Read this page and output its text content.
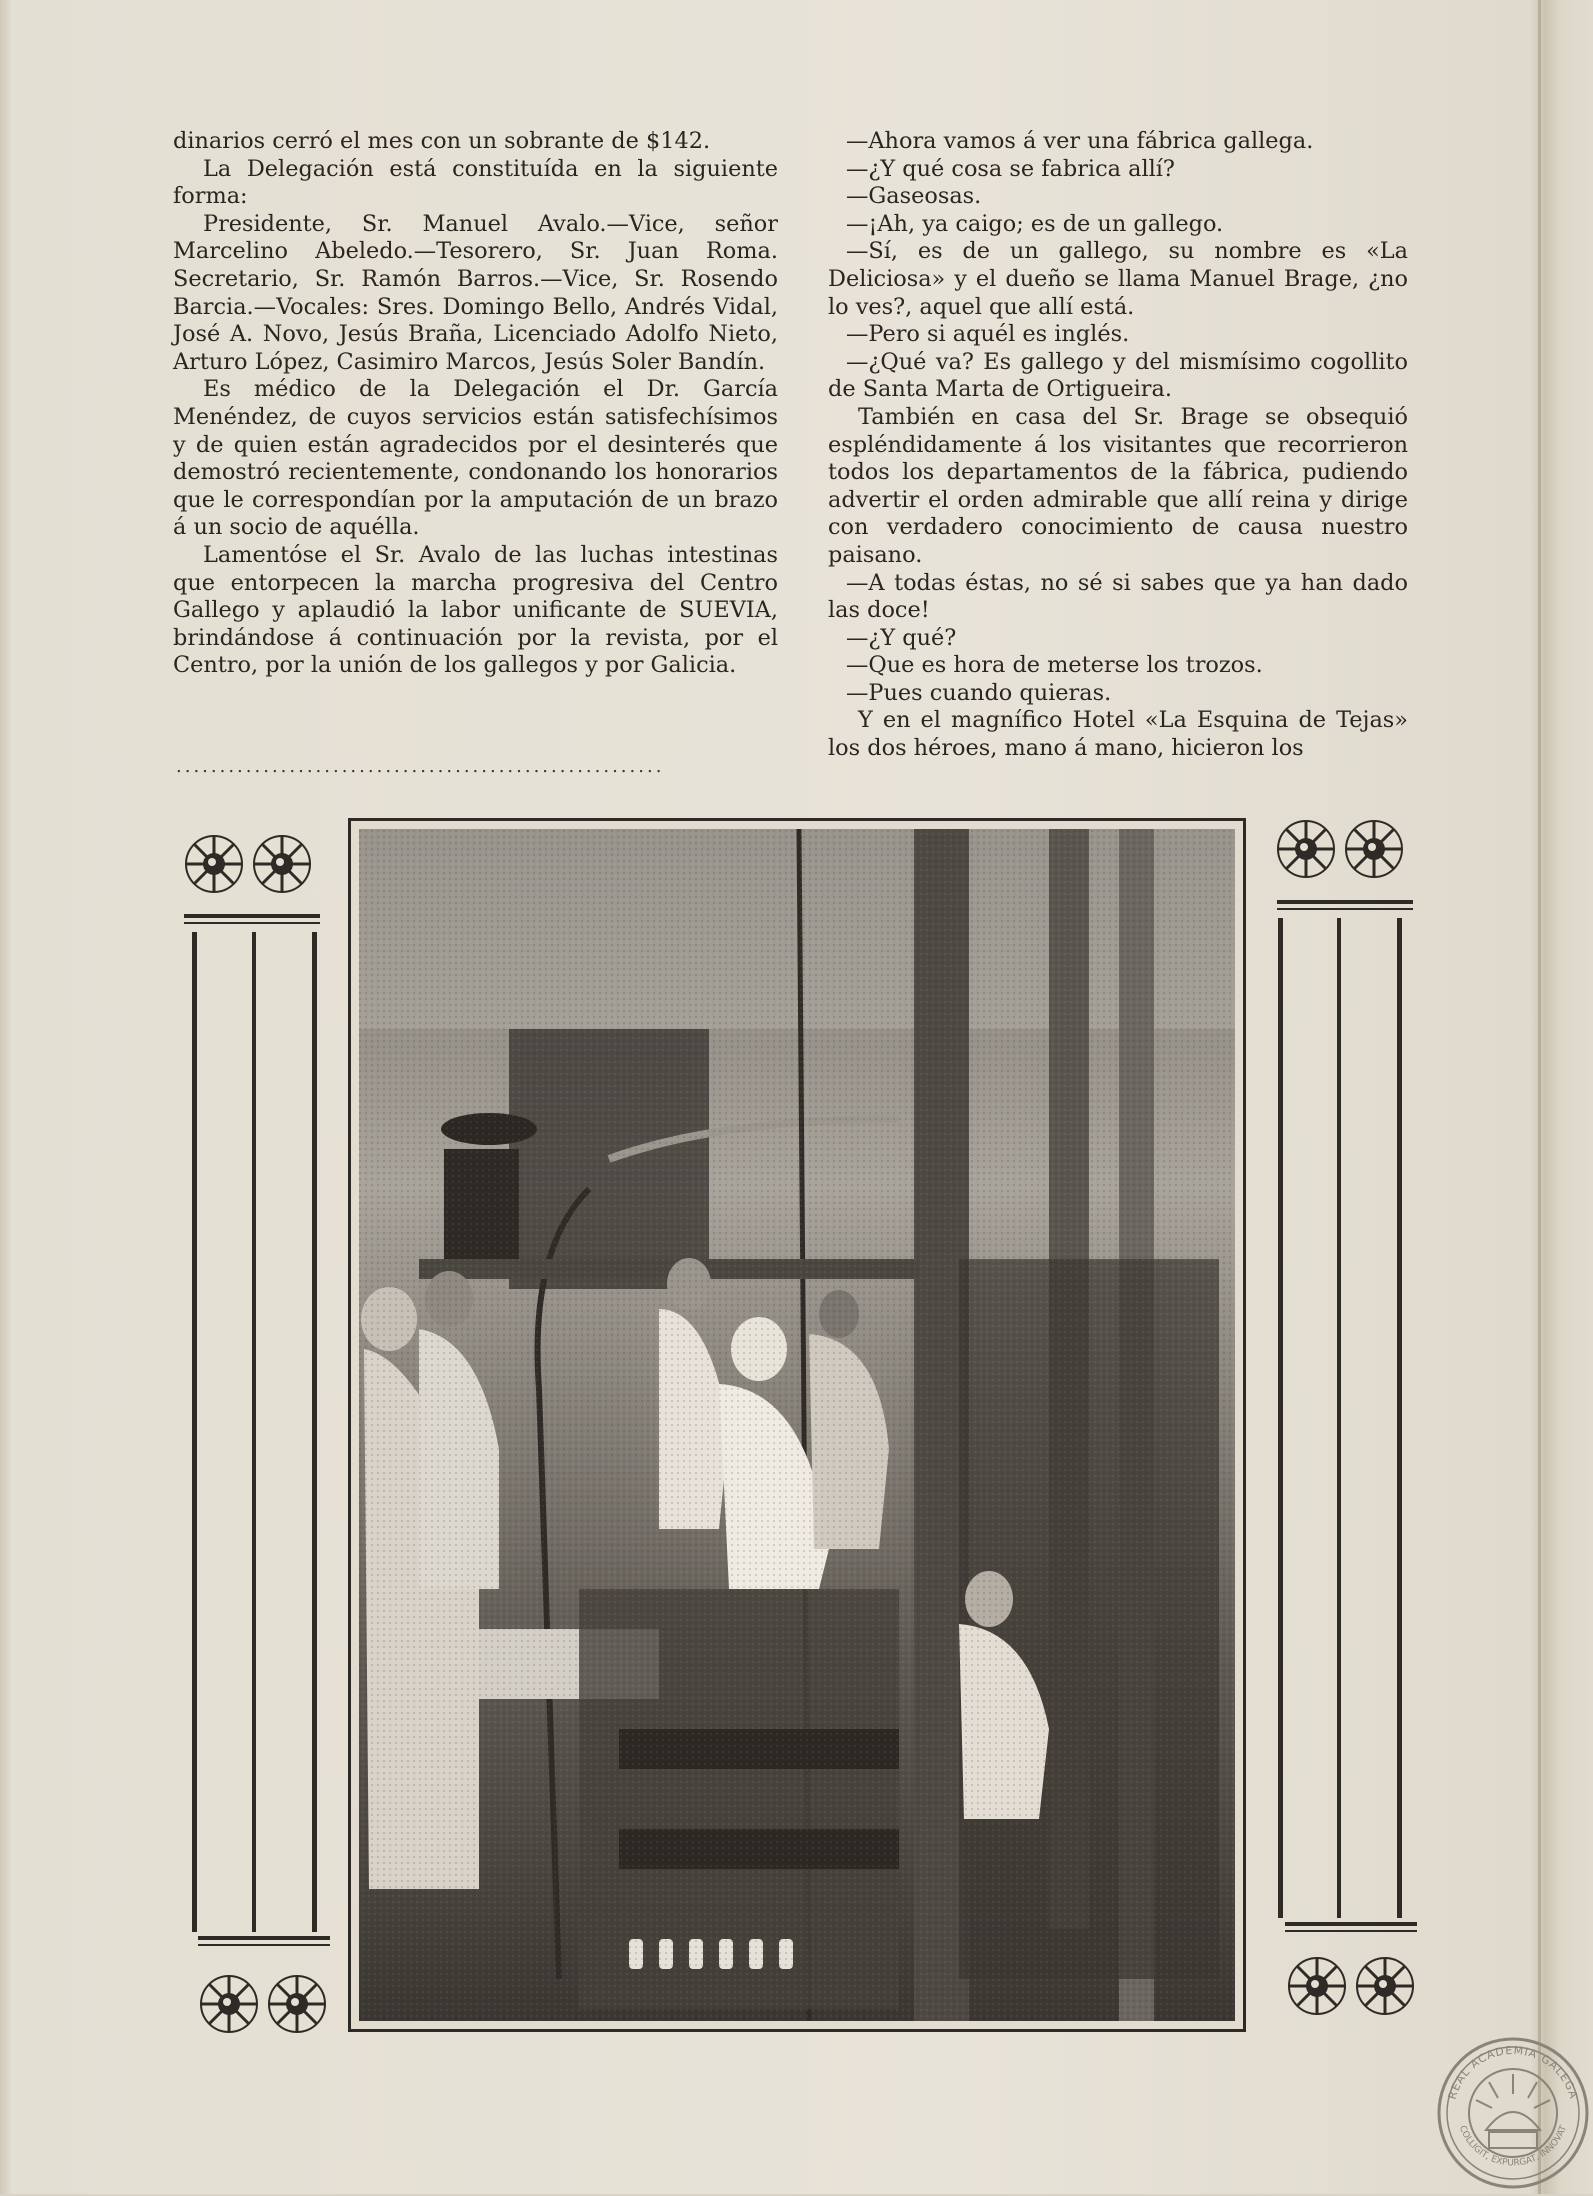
dinarios cerró el mes con un sobrante de $142.

La Delegación está constituída en la siguiente forma:

Presidente, Sr. Manuel Avalo.—Vice, señor Marcelino Abeledo.—Tesorero, Sr. Juan Roma. Secretario, Sr. Ramón Barros.—Vice, Sr. Rosendo Barcia.—Vocales: Sres. Domingo Bello, Andrés Vidal, José A. Novo, Jesús Braña, Licenciado Adolfo Nieto, Arturo López, Casimiro Marcos, Jesús Soler Bandín.

Es médico de la Delegación el Dr. García Menéndez, de cuyos servicios están satisfechísimos y de quien están agradecidos por el desinterés que demostró recientemente, condonando los honorarios que le correspondían por la amputación de un brazo á un socio de aquélla.

Lamentóse el Sr. Avalo de las luchas intestinas que entorpecen la marcha progresiva del Centro Gallego y aplaudió la labor unificante de SUEVIA, brindándose á continuación por la revista, por el Centro, por la unión de los gallegos y por Galicia.

—Ahora vamos á ver una fábrica gallega.

—¿Y qué cosa se fabrica allí?

—Gaseosas.

—¡Ah, ya caigo; es de un gallego.

—Sí, es de un gallego, su nombre es «La Deliciosa» y el dueño se llama Manuel Brage, ¿no lo ves?, aquel que allí está.

—Pero si aquél es inglés.

—¿Qué va? Es gallego y del mismísimo cogollito de Santa Marta de Ortigueira.

También en casa del Sr. Brage se obsequió espléndidamente á los visitantes que recorrieron todos los departamentos de la fábrica, pudiendo advertir el orden admirable que allí reina y dirige con verdadero conocimiento de causa nuestro paisano.

—A todas éstas, no sé si sabes que ya han dado las doce!

—¿Y qué?

—Que es hora de meterse los trozos.

—Pues cuando quieras.

Y en el magnífico Hotel «La Esquina de Tejas» los dos héroes, mano á mano, hicieron los

........................................................
REAL ACADEMIA GALEGA
COLLIGIT, EXPURGAT, INNOVAT
